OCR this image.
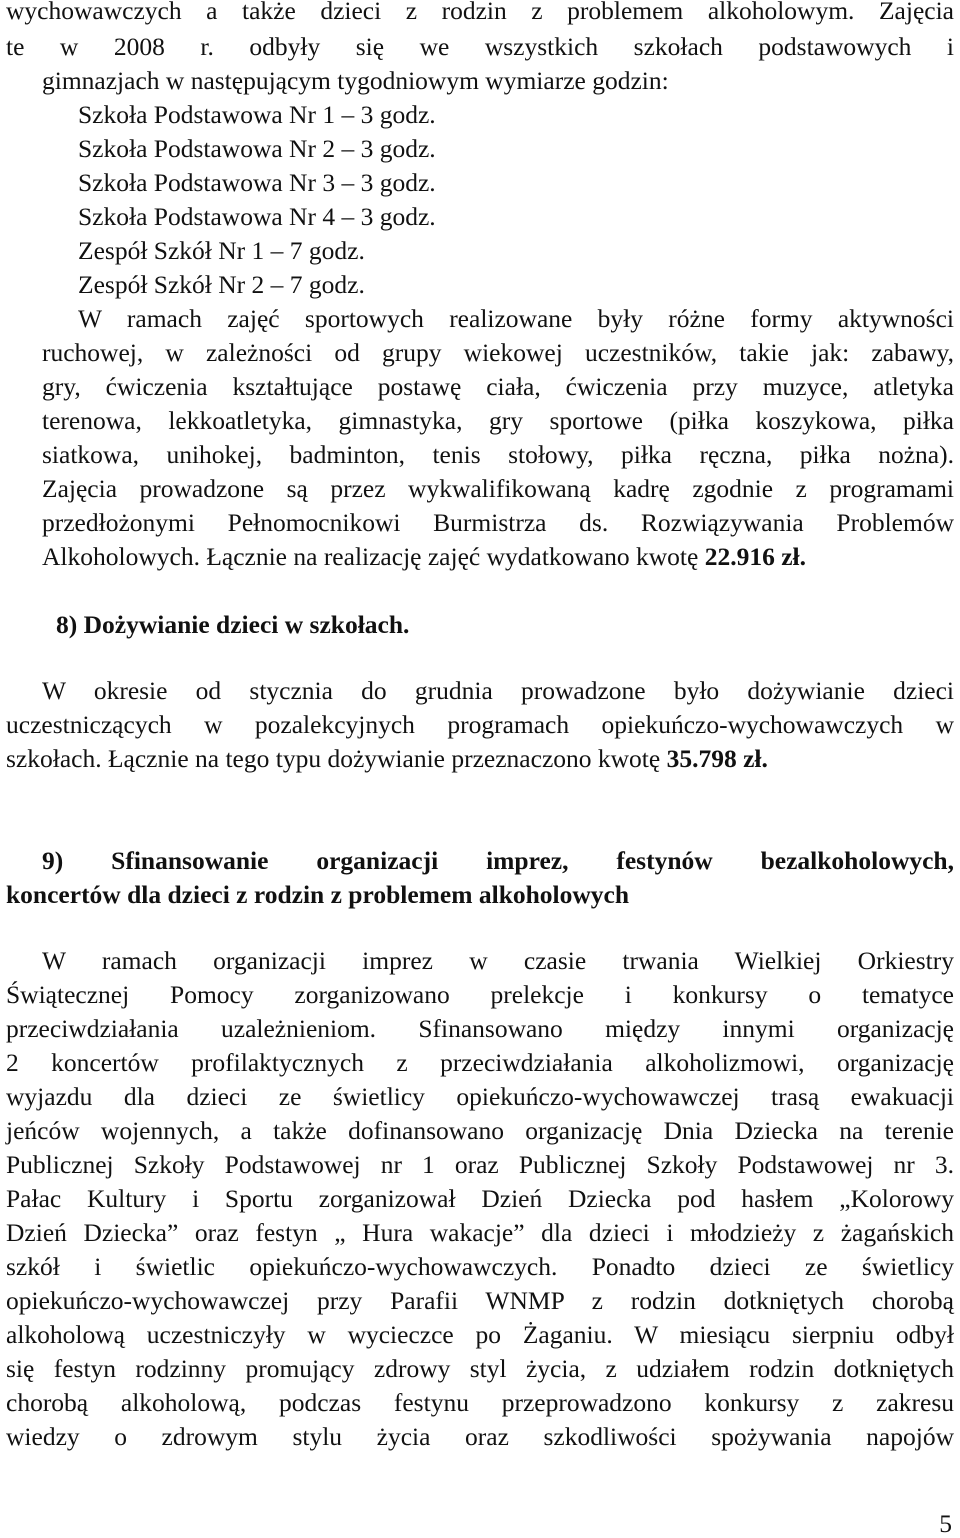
wychowawczych a także dzieci z rodzin z problemem alkoholowym. Zajęcia
te w 2008 r. odbyły się we wszystkich szkołach podstawowych i
gimnazjach w następującym tygodniowym wymiarze godzin:
Szkoła Podstawowa Nr 1 – 3 godz.
Szkoła Podstawowa Nr 2 – 3 godz.
Szkoła Podstawowa Nr 3 – 3 godz.
Szkoła Podstawowa Nr 4 – 3 godz.
Zespół Szkół Nr 1 – 7 godz.
Zespół Szkół Nr 2 – 7 godz.
W ramach zajęć sportowych realizowane były różne formy aktywności
ruchowej, w zależności od grupy wiekowej uczestników, takie jak: zabawy,
gry, ćwiczenia kształtujące postawę ciała, ćwiczenia przy muzyce, atletyka
terenowa, lekkoatletyka, gimnastyka, gry sportowe (piłka koszykowa, piłka
siatkowa, unihokej, badminton, tenis stołowy, piłka ręczna, piłka nożna).
Zajęcia prowadzone są przez wykwalifikowaną kadrę zgodnie z programami
przedłożonymi Pełnomocnikowi Burmistrza ds. Rozwiązywania Problemów
Alkoholowych. Łącznie na realizację zajęć wydatkowano kwotę 22.916 zł.
8) Dożywianie dzieci w szkołach.
W okresie od stycznia do grudnia prowadzone było dożywianie dzieci
uczestniczących w pozalekcyjnych programach opiekuńczo-wychowawczych w
szkołach. Łącznie na tego typu dożywianie przeznaczono kwotę 35.798 zł.
9) Sfinansowanie organizacji imprez, festynów bezalkoholowych,
koncertów dla dzieci z rodzin z problemem alkoholowych
W ramach organizacji imprez w czasie trwania Wielkiej Orkiestry
Świątecznej Pomocy zorganizowano prelekcje i konkursy o tematyce
przeciwdziałania uzależnieniom. Sfinansowano między innymi organizację
2 koncertów profilaktycznych z przeciwdziałania alkoholizmowi, organizację
wyjazdu dla dzieci ze świetlicy opiekuńczo-wychowawczej trasą ewakuacji
jeńców wojennych, a także dofinansowano organizację Dnia Dziecka na terenie
Publicznej Szkoły Podstawowej nr 1 oraz Publicznej Szkoły Podstawowej nr 3.
Pałac Kultury i Sportu zorganizował Dzień Dziecka pod hasłem „Kolorowy
Dzień Dziecka” oraz festyn „ Hura wakacje” dla dzieci i młodzieży z żagańskich
szkół i świetlic opiekuńczo-wychowawczych. Ponadto dzieci ze świetlicy
opiekuńczo-wychowawczej przy Parafii WNMP z rodzin dotkniętych chorobą
alkoholową uczestniczyły w wycieczce po Żaganiu. W miesiącu sierpniu odbył
się festyn rodzinny promujący zdrowy styl życia, z udziałem rodzin dotkniętych
chorobą alkoholową, podczas festynu przeprowadzono konkursy z zakresu
wiedzy o zdrowym stylu życia oraz szkodliwości spożywania napojów
5
